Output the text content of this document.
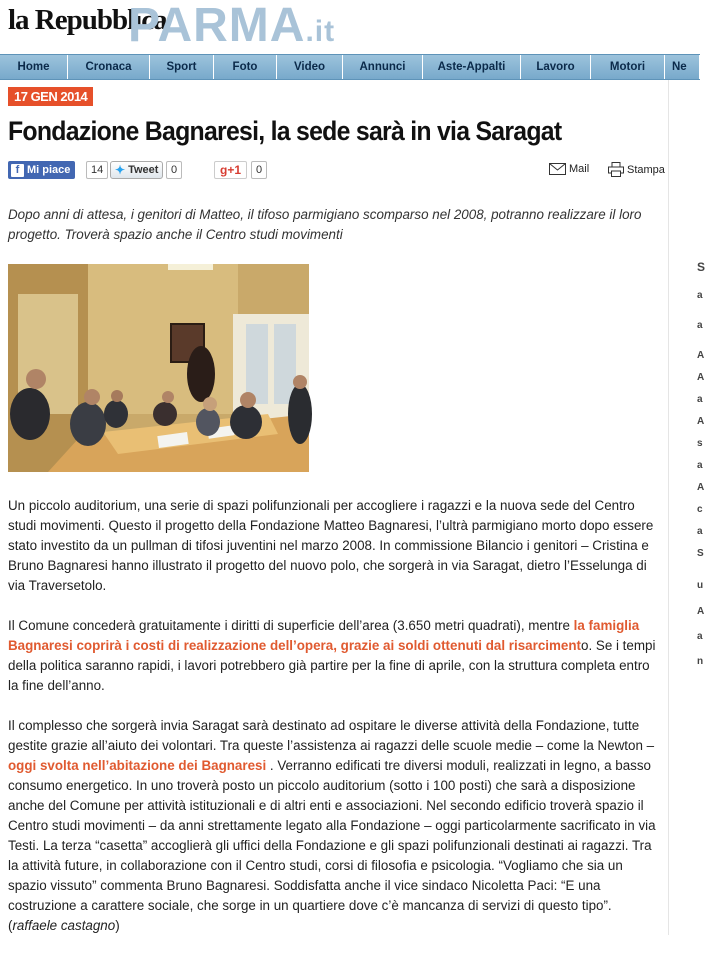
la Repubblica
PARMA.it
Home	Cronaca	Sport	Foto	Video	Annunci	Aste-Appalti	Lavoro	Motori	Ne
17 GEN 2014
Fondazione Bagnaresi, la sede sarà in via Saragat
f Mi piace	14 ✦ Tweet	0	g+1	0	Mail	Stampa

Dopo anni di attesa, i genitori di Matteo, il tifoso parmigiano scomparso nel 2008, potranno realizzare il loro progetto. Troverà spazio anche il Centro studi movimenti

Un piccolo auditorium, una serie di spazi polifunzionali per accogliere i ragazzi e la nuova sede del Centro studi movimenti. Questo il progetto della Fondazione Matteo Bagnaresi, l’ultrà parmigiano morto dopo essere stato investito da un pullman di tifosi juventini nel marzo 2008. In commissione Bilancio i genitori – Cristina e Bruno Bagnaresi hanno illustrato il progetto del nuovo polo, che sorgerà in via Saragat, dietro l’Esselunga di via Traversetolo.

Il Comune concederà gratuitamente i diritti di superficie dell’area (3.650 metri quadrati), mentre la famiglia Bagnaresi coprirà i costi di realizzazione dell’opera, grazie ai soldi ottenuti dal risarcimento. Se i tempi della politica saranno rapidi, i lavori potrebbero già partire per la fine di aprile, con la struttura completa entro la fine dell’anno.

Il complesso che sorgerà invia Saragat sarà destinato ad ospitare le diverse attività della Fondazione, tutte gestite grazie all’aiuto dei volontari. Tra queste l’assistenza ai ragazzi delle scuole medie – come la Newton – oggi svolta nell’abitazione dei Bagnaresi . Verranno edificati tre diversi moduli, realizzati in legno, a basso consumo energetico. In uno troverà posto un piccolo auditorium (sotto i 100 posti) che sarà a disposizione anche del Comune per attività istituzionali e di altri enti e associazioni. Nel secondo edificio troverà spazio il Centro studi movimenti – da anni strettamente legato alla Fondazione – oggi particolarmente sacrificato in via Testi. La terza “casetta” accoglierà gli uffici della Fondazione e gli spazi polifunzionali destinati ai ragazzi. Tra la attività future, in collaborazione con il Centro studi, corsi di filosofia e psicologia. “Vogliamo che sia un spazio vissuto” commenta Bruno Bagnaresi. Soddisfatta anche il vice sindaco Nicoletta Paci: “E una costruzione a carattere sociale, che sorge in un quartiere dove c’è mancanza di servizi di questo tipo”. (raffaele castagno)

S
a
a
A
A
a
A
s
a
A
c
a
S
u
A
a
n
